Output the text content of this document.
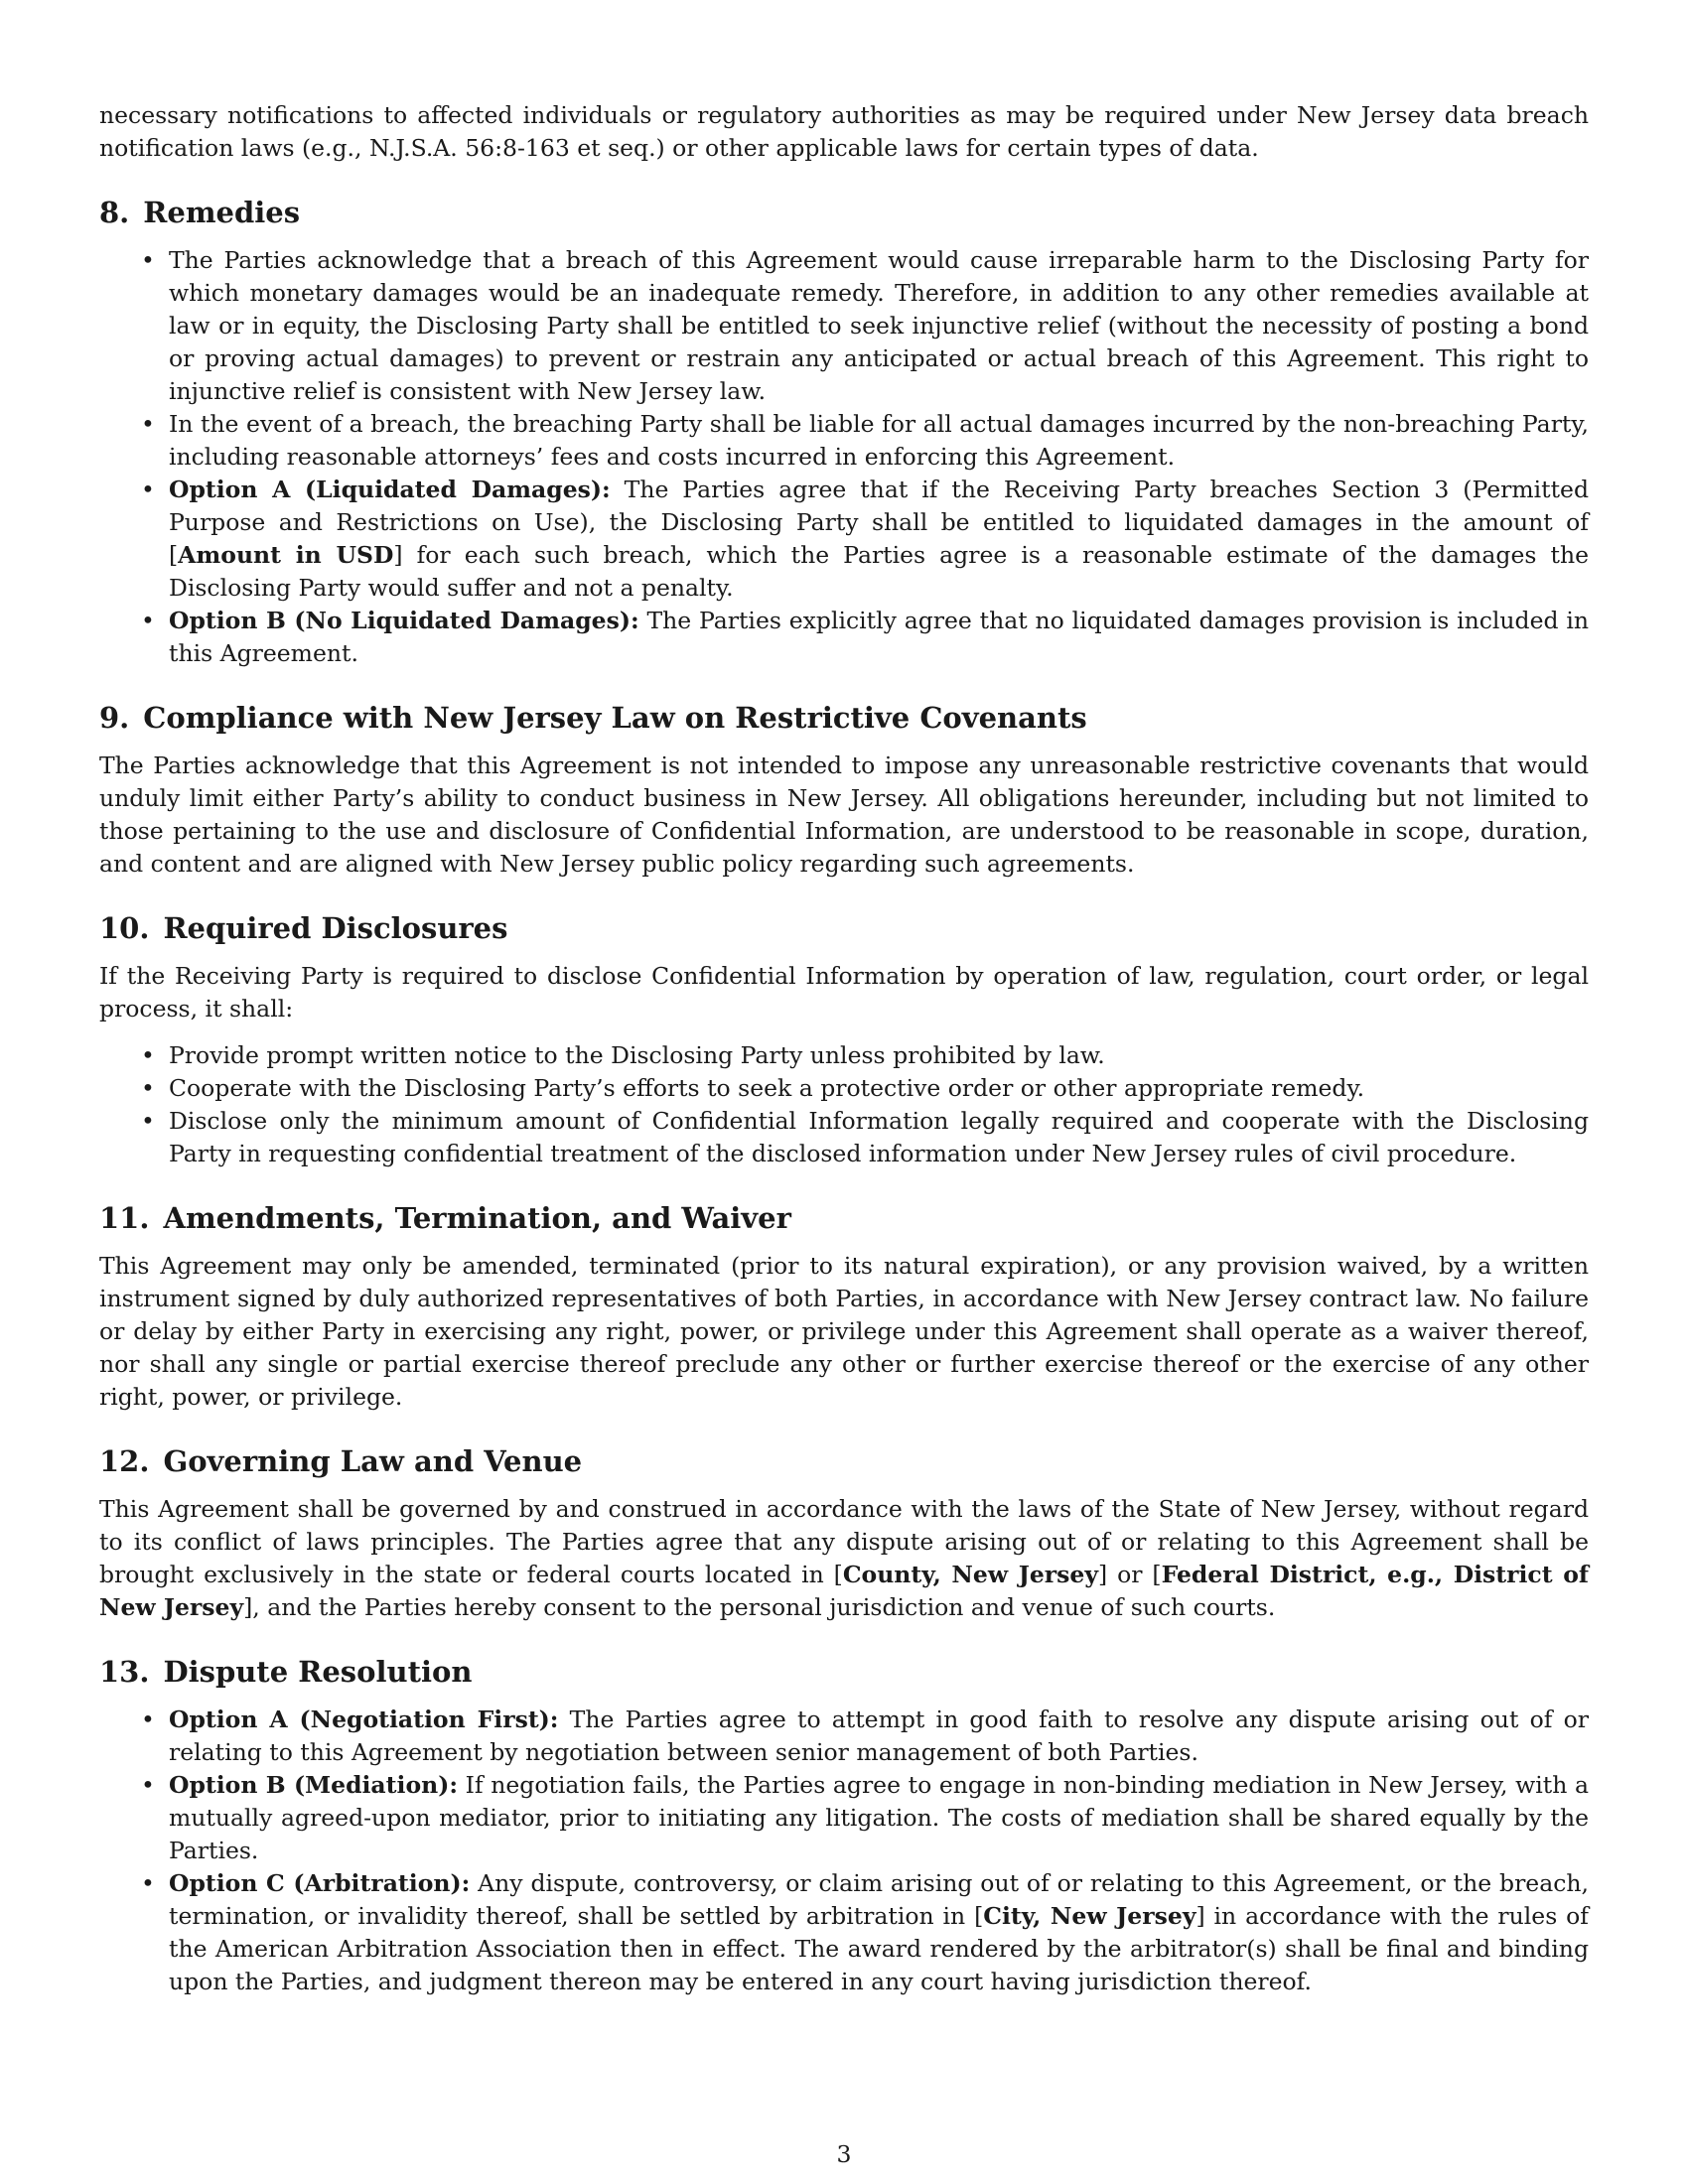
necessary notifications to affected individuals or regulatory authorities as may be required under New Jersey data breach notification laws (e.g., N.J.S.A. 56:8-163 et seq.) or other applicable laws for certain types of data.

8. Remedies
• The Parties acknowledge that a breach of this Agreement would cause irreparable harm to the Disclosing Party for which monetary damages would be an inadequate remedy. Therefore, in addition to any other remedies available at law or in equity, the Disclosing Party shall be entitled to seek injunctive relief (without the necessity of posting a bond or proving actual damages) to prevent or restrain any anticipated or actual breach of this Agreement. This right to injunctive relief is consistent with New Jersey law.
• In the event of a breach, the breaching Party shall be liable for all actual damages incurred by the non-breaching Party, including reasonable attorneys’ fees and costs incurred in enforcing this Agreement.
• Option A (Liquidated Damages): The Parties agree that if the Receiving Party breaches Section 3 (Permitted Purpose and Restrictions on Use), the Disclosing Party shall be entitled to liquidated damages in the amount of [Amount in USD] for each such breach, which the Parties agree is a reasonable estimate of the damages the Disclosing Party would suffer and not a penalty.
• Option B (No Liquidated Damages): The Parties explicitly agree that no liquidated damages provision is included in this Agreement.
9. Compliance with New Jersey Law on Restrictive Covenants

The Parties acknowledge that this Agreement is not intended to impose any unreasonable restrictive covenants that would unduly limit either Party’s ability to conduct business in New Jersey. All obligations hereunder, including but not limited to those pertaining to the use and disclosure of Confidential Information, are understood to be reasonable in scope, duration, and content and are aligned with New Jersey public policy regarding such agreements.

10. Required Disclosures

If the Receiving Party is required to disclose Confidential Information by operation of law, regulation, court order, or legal process, it shall:

• Provide prompt written notice to the Disclosing Party unless prohibited by law.
• Cooperate with the Disclosing Party’s efforts to seek a protective order or other appropriate remedy.
• Disclose only the minimum amount of Confidential Information legally required and cooperate with the Disclosing Party in requesting confidential treatment of the disclosed information under New Jersey rules of civil procedure.
11. Amendments, Termination, and Waiver

This Agreement may only be amended, terminated (prior to its natural expiration), or any provision waived, by a written instrument signed by duly authorized representatives of both Parties, in accordance with New Jersey contract law. No failure or delay by either Party in exercising any right, power, or privilege under this Agreement shall operate as a waiver thereof, nor shall any single or partial exercise thereof preclude any other or further exercise thereof or the exercise of any other right, power, or privilege.

12. Governing Law and Venue

This Agreement shall be governed by and construed in accordance with the laws of the State of New Jersey, without regard to its conflict of laws principles. The Parties agree that any dispute arising out of or relating to this Agreement shall be brought exclusively in the state or federal courts located in [County, New Jersey] or [Federal District, e.g., District of New Jersey], and the Parties hereby consent to the personal jurisdiction and venue of such courts.

13. Dispute Resolution
• Option A (Negotiation First): The Parties agree to attempt in good faith to resolve any dispute arising out of or relating to this Agreement by negotiation between senior management of both Parties.
• Option B (Mediation): If negotiation fails, the Parties agree to engage in non-binding mediation in New Jersey, with a mutually agreed-upon mediator, prior to initiating any litigation. The costs of mediation shall be shared equally by the Parties.
• Option C (Arbitration): Any dispute, controversy, or claim arising out of or relating to this Agreement, or the breach, termination, or invalidity thereof, shall be settled by arbitration in [City, New Jersey] in accordance with the rules of the American Arbitration Association then in effect. The award rendered by the arbitrator(s) shall be final and binding upon the Parties, and judgment thereon may be entered in any court having jurisdiction thereof.
3
